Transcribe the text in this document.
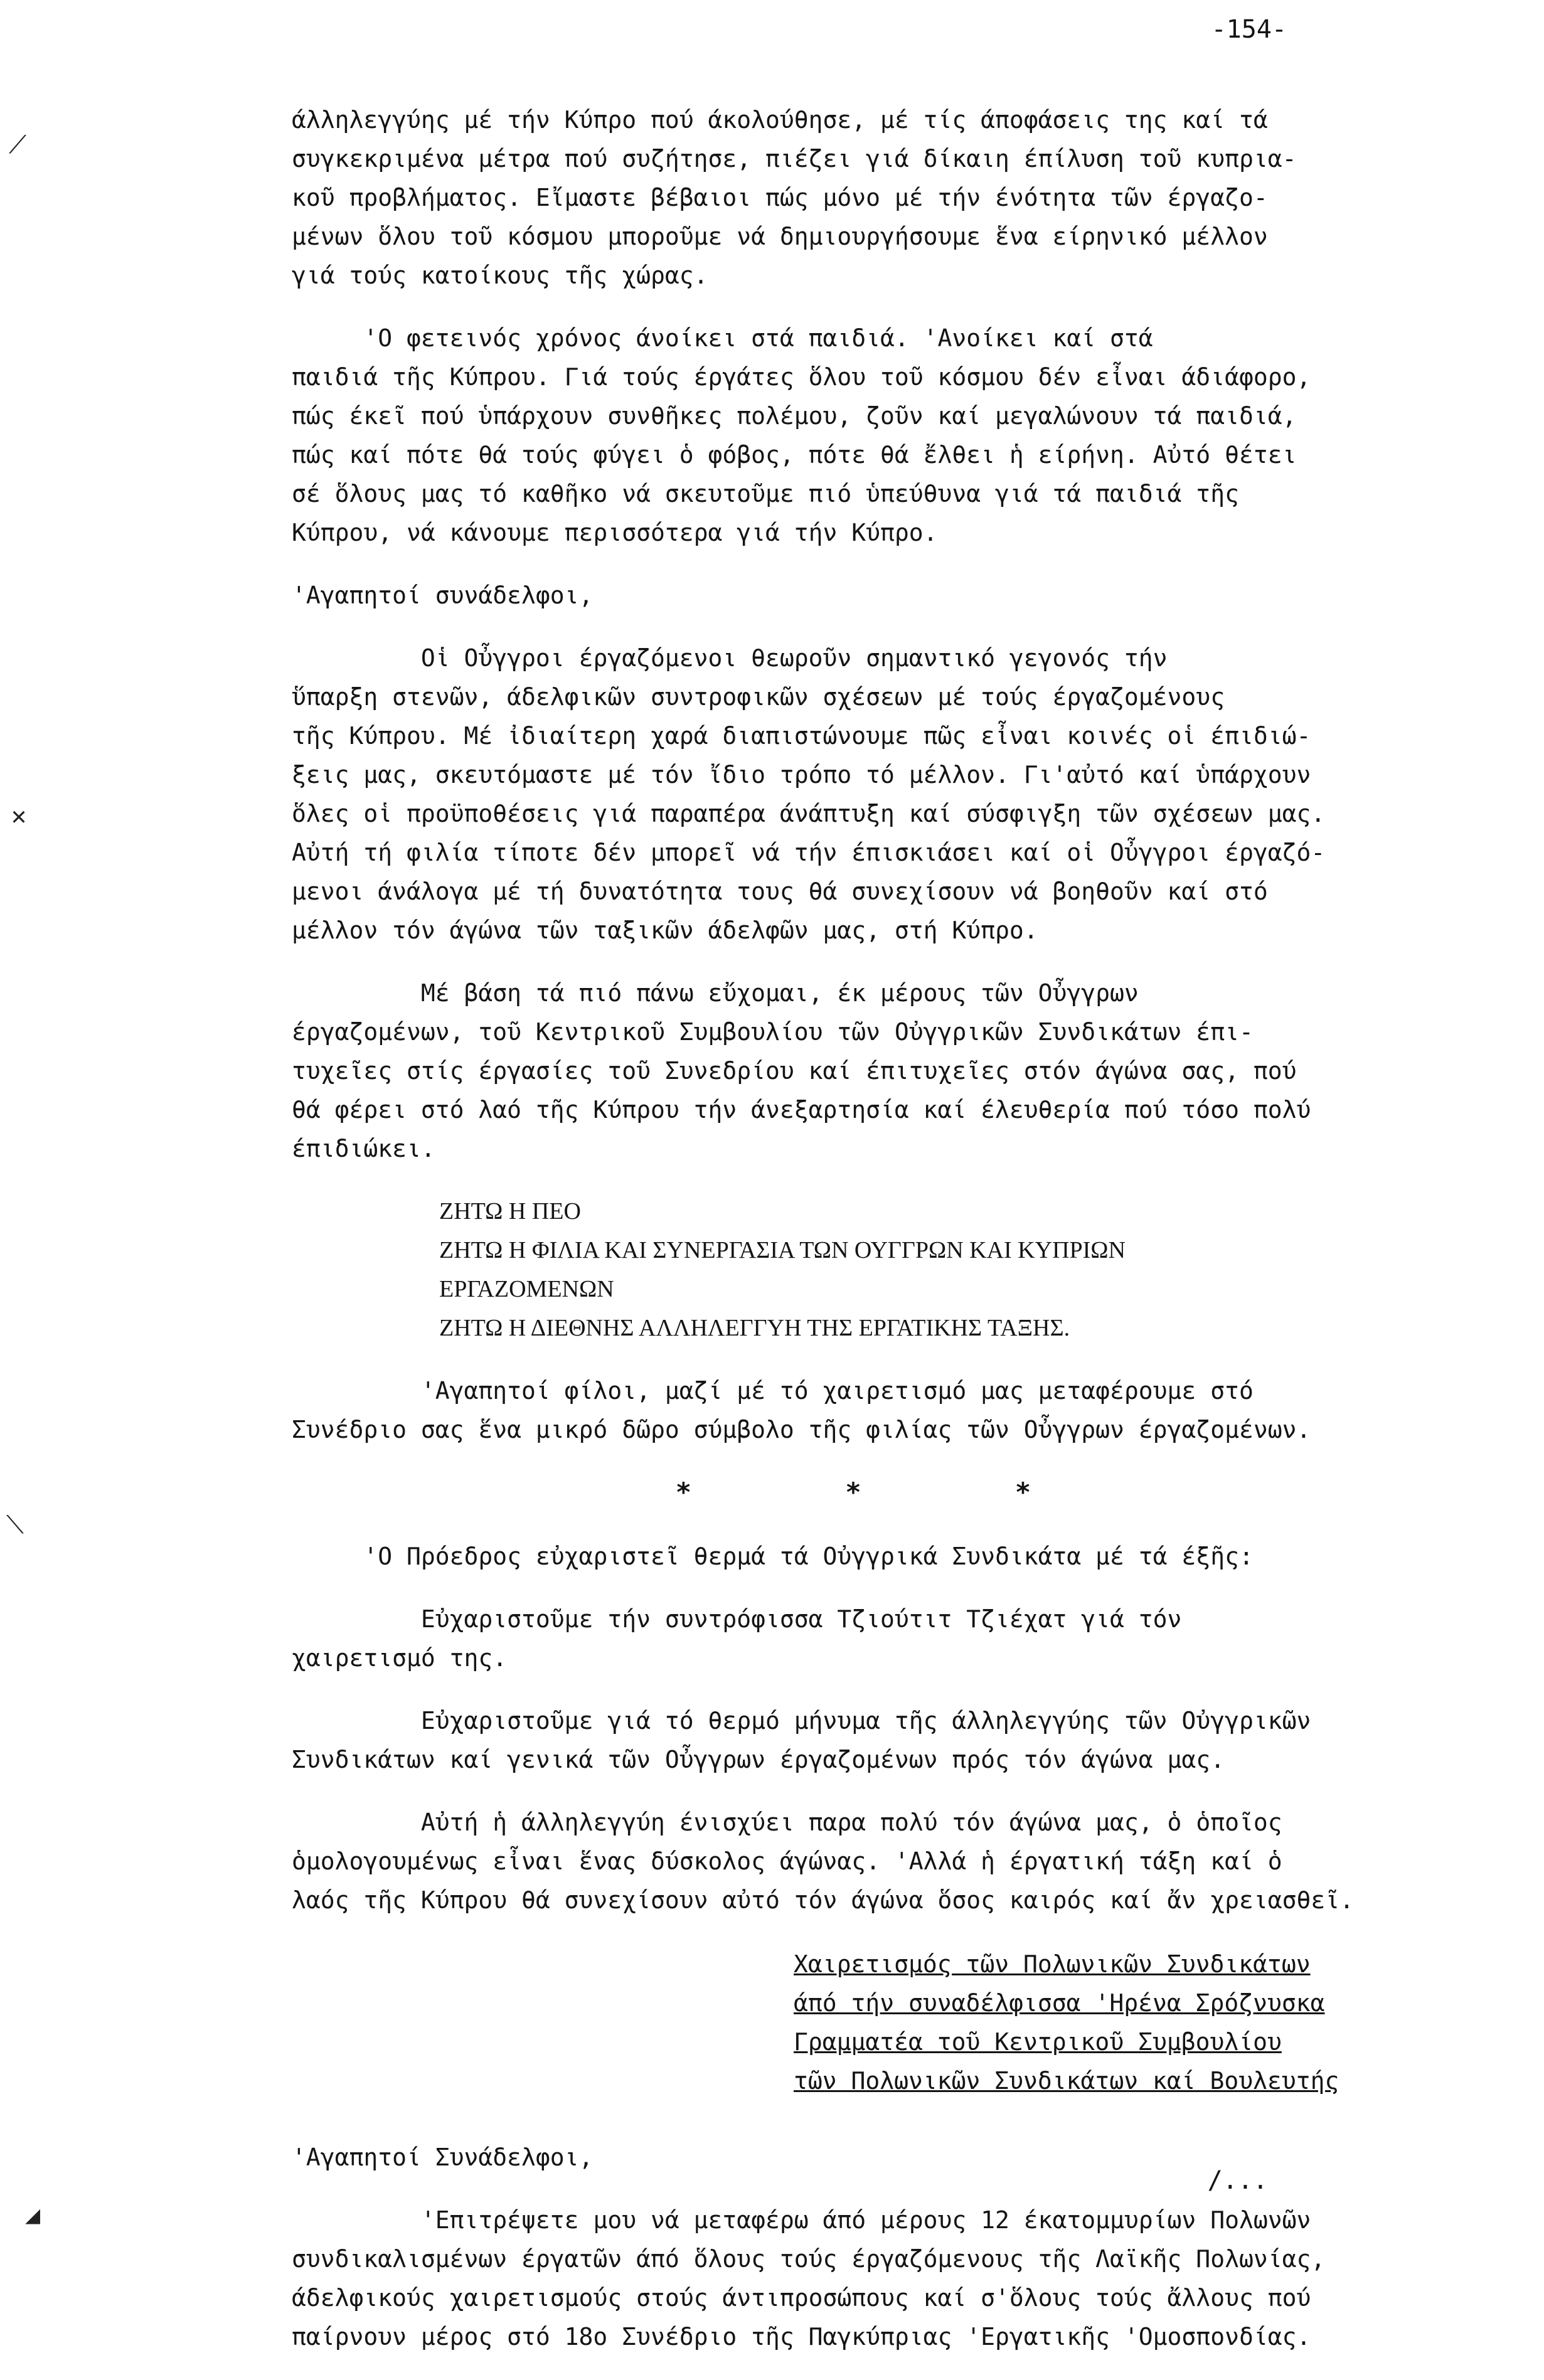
-154-
⟋
✕
⟍
◢

άλληλεγγύης μέ τήν Κύπρο πού άκολούθησε, μέ τίς άποφάσεις της καί τά
συγκεκριμένα μέτρα πού συζήτησε, πιέζει γιά δίκαιη έπίλυση τοῦ κυπρια-
κοῦ προβλήματος. Εἴμαστε βέβαιοι πώς μόνο μέ τήν ένότητα τῶν έργαζο-
μένων ὅλου τοῦ κόσμου μποροῦμε νά δημιουργήσουμε ἕνα είρηνικό μέλλον
γιά τούς κατοίκους τῆς χώρας.

'Ο φετεινός χρόνος άνοίκει στά παιδιά. 'Ανοίκει καί στά
παιδιά τῆς Κύπρου. Γιά τούς έργάτες ὅλου τοῦ κόσμου δέν εἶναι άδιάφορο,
πώς έκεῖ πού ὑπάρχουν συνθῆκες πολέμου, ζοῦν καί μεγαλώνουν τά παιδιά,
πώς καί πότε θά τούς φύγει ὁ φόβος, πότε θά ἔλθει ἡ είρήνη. Αὐτό θέτει
σέ ὅλους μας τό καθῆκο νά σκευτοῦμε πιό ὑπεύθυνα γιά τά παιδιά τῆς
Κύπρου, νά κάνουμε περισσότερα γιά τήν Κύπρο.

'Αγαπητοί συνάδελφοι,

Οἱ Οὖγγροι έργαζόμενοι θεωροῦν σημαντικό γεγονός τήν
ὕπαρξη στενῶν, άδελφικῶν συντροφικῶν σχέσεων μέ τούς έργαζομένους
τῆς Κύπρου. Μέ ἰδιαίτερη χαρά διαπιστώνουμε πῶς εἶναι κοινές οἱ έπιδιώ-
ξεις μας, σκευτόμαστε μέ τόν ἴδιο τρόπο τό μέλλον. Γι'αὐτό καί ὑπάρχουν
ὅλες οἱ προϋποθέσεις γιά παραπέρα άνάπτυξη καί σύσφιγξη τῶν σχέσεων μας.
Αὐτή τή φιλία τίποτε δέν μπορεῖ νά τήν έπισκιάσει καί οἱ Οὖγγροι έργαζό-
μενοι άνάλογα μέ τή δυνατότητα τους θά συνεχίσουν νά βοηθοῦν καί στό
μέλλον τόν άγώνα τῶν ταξικῶν άδελφῶν μας, στή Κύπρο.

Μέ βάση τά πιό πάνω εὔχομαι, έκ μέρους τῶν Οὖγγρων
έργαζομένων, τοῦ Κεντρικοῦ Συμβουλίου τῶν Οὐγγρικῶν Συνδικάτων έπι-
τυχεῖες στίς έργασίες τοῦ Συνεδρίου καί έπιτυχεῖες στόν άγώνα σας, πού
θά φέρει στό λαό τῆς Κύπρου τήν άνεξαρτησία καί έλευθερία πού τόσο πολύ
έπιδιώκει.

ΖΗΤΩ Η ΠΕΟ
ΖΗΤΩ Η ΦΙΛΙΑ ΚΑΙ ΣΥΝΕΡΓΑΣΙΑ ΤΩΝ ΟΥΓΓΡΩΝ ΚΑΙ ΚΥΠΡΙΩΝ
ΕΡΓΑΖΟΜΕΝΩΝ
ΖΗΤΩ Η ΔΙΕΘΝΗΣ ΑΛΛΗΛΕΓΓΥΗ ΤΗΣ ΕΡΓΑΤΙΚΗΣ ΤΑΞΗΣ.

'Αγαπητοί φίλοι, μαζί μέ τό χαιρετισμό μας μεταφέρουμε στό
Συνέδριο σας ἕνα μικρό δῶρο σύμβολο τῆς φιλίας τῶν Οὖγγρων έργαζομένων.

* * *

'Ο Πρόεδρος εὐχαριστεῖ θερμά τά Οὐγγρικά Συνδικάτα μέ τά έξῆς:

Εὐχαριστοῦμε τήν συντρόφισσα Τζιούτιτ Τζιέχατ γιά τόν
χαιρετισμό της.

Εὐχαριστοῦμε γιά τό θερμό μήνυμα τῆς άλληλεγγύης τῶν Οὐγγρικῶν
Συνδικάτων καί γενικά τῶν Οὖγγρων έργαζομένων πρός τόν άγώνα μας.

Αὐτή ἡ άλληλεγγύη ένισχύει παρα πολύ τόν άγώνα μας, ὁ ὁποῖος
ὁμολογουμένως εἶναι ἕνας δύσκολος άγώνας. 'Αλλά ἡ έργατική τάξη καί ὁ
λαός τῆς Κύπρου θά συνεχίσουν αὐτό τόν άγώνα ὅσος καιρός καί ἄν χρειασθεῖ.

Χαιρετισμός τῶν Πολωνικῶν Συνδικάτων
άπό τήν συναδέλφισσα 'Ηρένα Σρόζνυσκα
Γραμματέα τοῦ Κεντρικοῦ Συμβουλίου
τῶν Πολωνικῶν Συνδικάτων καί Βουλευτής

'Αγαπητοί Συνάδελφοι,

'Επιτρέψετε μου νά μεταφέρω άπό μέρους 12 έκατομμυρίων Πολωνῶν
συνδικαλισμένων έργατῶν άπό ὅλους τούς έργαζόμενους τῆς Λαϊκῆς Πολωνίας,
άδελφικούς χαιρετισμούς στούς άντιπροσώπους καί σ'ὅλους τούς ἄλλους πού
παίρνουν μέρος στό 18ο Συνέδριο τῆς Παγκύπριας 'Εργατικῆς 'Ομοσπονδίας.

/...
